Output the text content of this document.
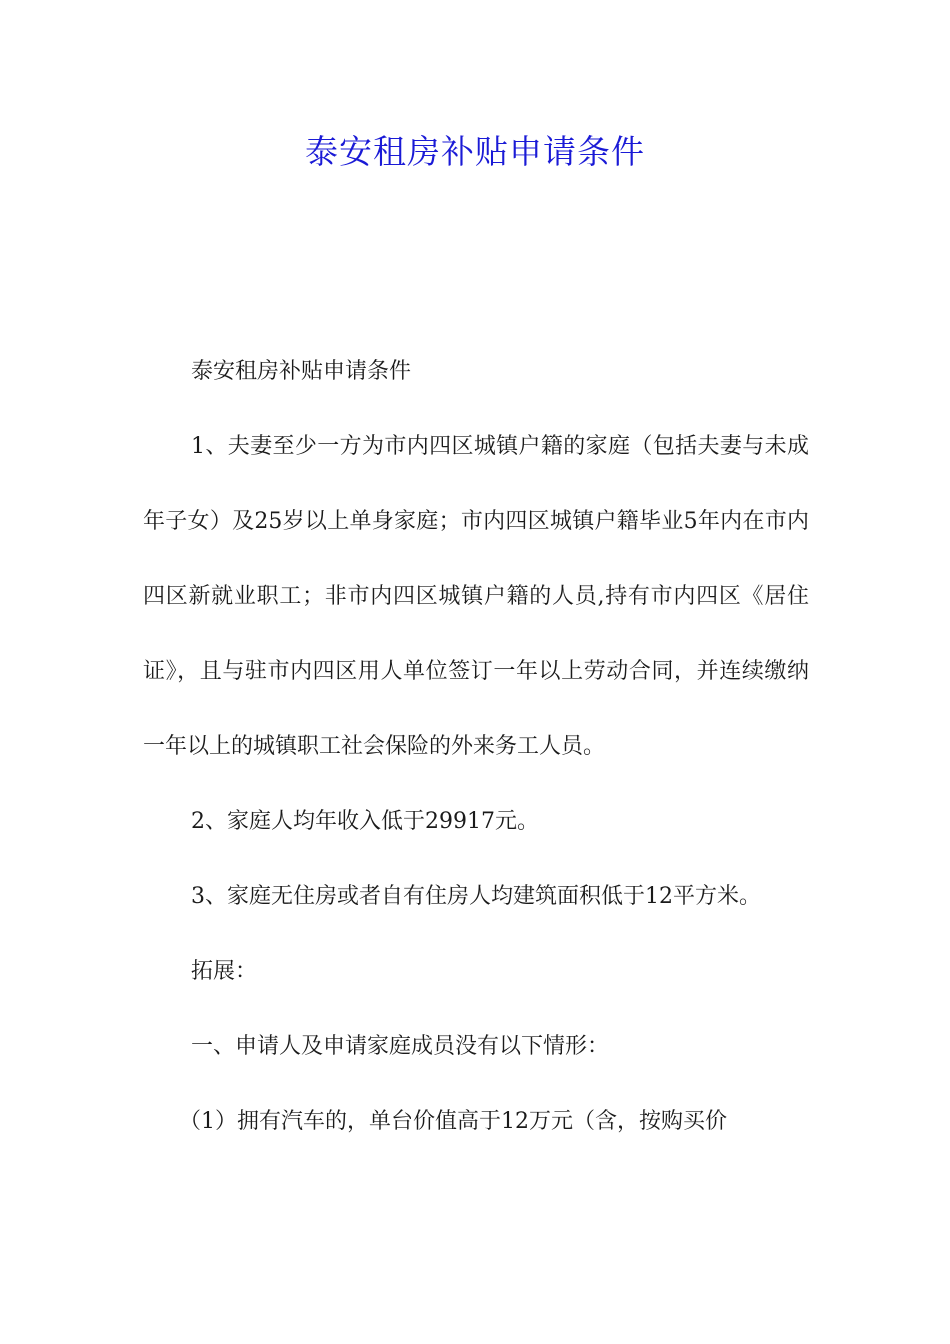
泰安租房补贴申请条件

泰安租房补贴申请条件

1、夫妻至少一方为市内四区城镇户籍的家庭（包括夫妻与未成年子女）及25岁以上单身家庭；市内四区城镇户籍毕业5年内在市内四区新就业职工；非市内四区城镇户籍的人员,持有市内四区《居住证》，且与驻市内四区用人单位签订一年以上劳动合同，并连续缴纳一年以上的城镇职工社会保险的外来务工人员。

2、家庭人均年收入低于29917元。

3、家庭无住房或者自有住房人均建筑面积低于12平方米。

拓展：

一、申请人及申请家庭成员没有以下情形：

（1）拥有汽车的，单台价值高于12万元（含，按购买价
